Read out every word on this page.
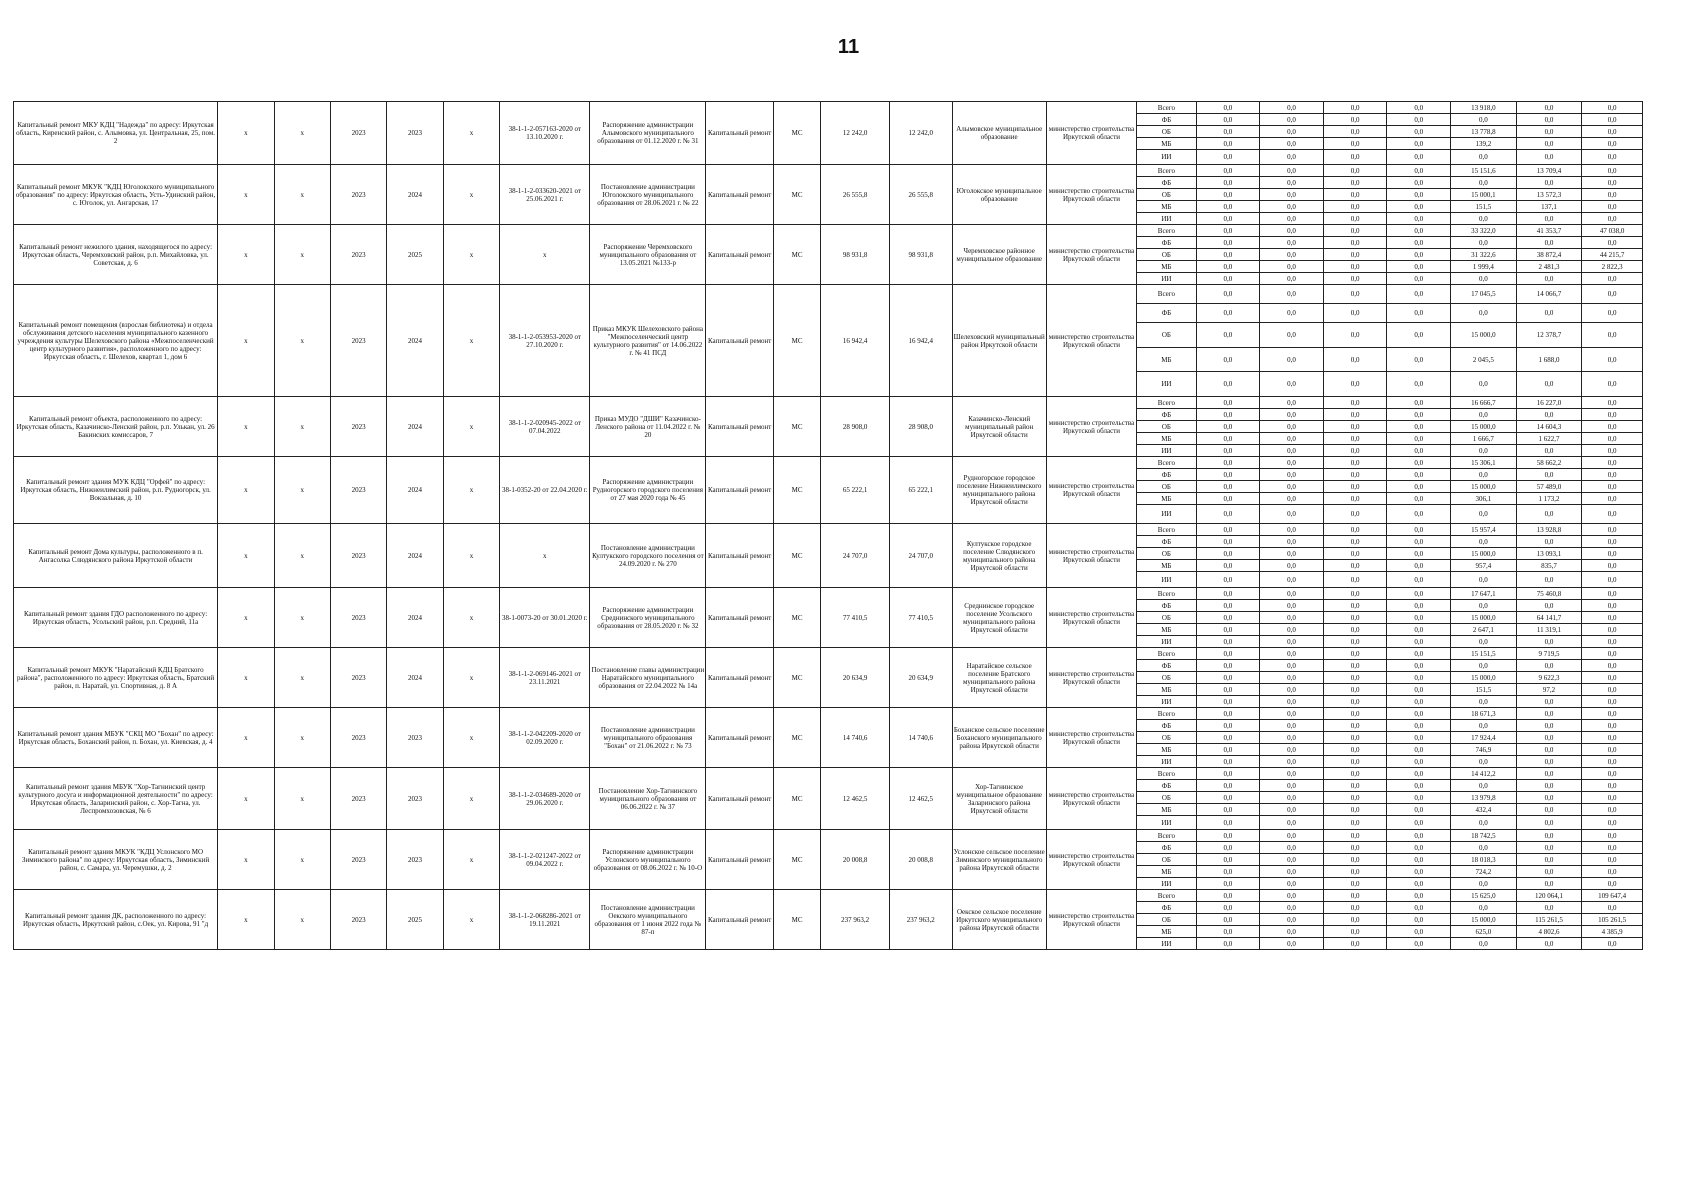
11
Капитальный ремонт МКУ КДЦ "Надежда" по адресу: Иркутская область, Киренский район, с. Алымовка, ул. Центральная, 25, пом. 2	х	х	2023	2023	х	38-1-1-2-057163-2020 от 13.10.2020 г.	Распоряжение администрации Алымовского муниципального образования от 01.12.2020 г. № 31	Капитальный ремонт	МС	12 242,0	12 242,0	Алымовское муниципальное образование	министерство строительства Иркутской области	Всего	0,0	0,0	0,0	0,0	13 918,0	0,0	0,0
														ФБ	0,0	0,0	0,0	0,0	0,0	0,0	0,0
														ОБ	0,0	0,0	0,0	0,0	13 778,8	0,0	0,0
														МБ	0,0	0,0	0,0	0,0	139,2	0,0	0,0
														ИИ	0,0	0,0	0,0	0,0	0,0	0,0	0,0
Капитальный ремонт МКУК "КДЦ Юголокского муниципального образования" по адресу: Иркутская область, Усть-Удинский район, с. Юголок, ул. Ангарская, 17	х	х	2023	2024	х	38-1-1-2-033620-2021 от 25.06.2021 г.	Постановление администрации Юголокского муниципального образования от 28.06.2021 г. № 22	Капитальный ремонт	МС	26 555,8	26 555,8	Юголокское муниципальное образование	министерство строительства Иркутской области	Всего	0,0	0,0	0,0	0,0	15 151,6	13 709,4	0,0
														ФБ	0,0	0,0	0,0	0,0	0,0	0,0	0,0
														ОБ	0,0	0,0	0,0	0,0	15 000,1	13 572,3	0,0
														МБ	0,0	0,0	0,0	0,0	151,5	137,1	0,0
														ИИ	0,0	0,0	0,0	0,0	0,0	0,0	0,0
Капитальный ремонт нежилого здания, находящегося по адресу: Иркутская область, Черемховский район, р.п. Михайловка, ул. Советская, д. 6	х	х	2023	2025	х	х	Распоряжение Черемховского муниципального образования от 13.05.2021 №133-р	Капитальный ремонт	МС	98 931,8	98 931,8	Черемховское районное муниципальное образование	министерство строительства Иркутской области	Всего	0,0	0,0	0,0	0,0	33 322,0	41 353,7	47 038,0
														ФБ	0,0	0,0	0,0	0,0	0,0	0,0	0,0
														ОБ	0,0	0,0	0,0	0,0	31 322,6	38 872,4	44 215,7
														МБ	0,0	0,0	0,0	0,0	1 999,4	2 481,3	2 822,3
														ИИ	0,0	0,0	0,0	0,0	0,0	0,0	0,0
Капитальный ремонт помещения (взрослая библиотека) и отдела обслуживания детского населения муниципального казенного учреждения культуры Шелеховского района «Межпоселенческий центр культурного развития», расположенного по адресу: Иркутская область, г. Шелехов, квартал 1, дом 6	х	х	2023	2024	х	38-1-1-2-053953-2020 от 27.10.2020 г.	Приказ МКУК Шелеховского района "Межпоселенческий центр культурного развития" от 14.06.2022 г. № 41 ПСД	Капитальный ремонт	МС	16 942,4	16 942,4	Шелеховский муниципальный район Иркутской области	министерство строительства Иркутской области	Всего	0,0	0,0	0,0	0,0	17 045,5	14 066,7	0,0
														ФБ	0,0	0,0	0,0	0,0	0,0	0,0	0,0
														ОБ	0,0	0,0	0,0	0,0	15 000,0	12 378,7	0,0
														МБ	0,0	0,0	0,0	0,0	2 045,5	1 688,0	0,0
														ИИ	0,0	0,0	0,0	0,0	0,0	0,0	0,0
Капитальный ремонт объекта, расположенного по адресу: Иркутская область, Казачинско-Ленский район, р.п. Улькан, ул. 26 Бакинских комиссаров, 7	х	х	2023	2024	х	38-1-1-2-020945-2022 от 07.04.2022	Приказ МУДО "ДШИ" Казачинско-Ленского района от 11.04.2022 г. № 20	Капитальный ремонт	МС	28 908,0	28 908,0	Казачинско-Ленский муниципальный район Иркутской области	министерство строительства Иркутской области	Всего	0,0	0,0	0,0	0,0	16 666,7	16 227,0	0,0
														ФБ	0,0	0,0	0,0	0,0	0,0	0,0	0,0
														ОБ	0,0	0,0	0,0	0,0	15 000,0	14 604,3	0,0
														МБ	0,0	0,0	0,0	0,0	1 666,7	1 622,7	0,0
														ИИ	0,0	0,0	0,0	0,0	0,0	0,0	0,0
Капитальный ремонт здания МУК КДЦ "Орфей" по адресу: Иркутская область, Нижнеилимский район, р.п. Рудногорск, ул. Вокзальная, д. 10	х	х	2023	2024	х	38-1-0352-20 от 22.04.2020 г.	Распоряжение администрации Рудногорского городского поселения от 27 мая 2020 года № 45	Капитальный ремонт	МС	65 222,1	65 222,1	Рудногорское городское поселение Нижнеилимского муниципального района Иркутской области	министерство строительства Иркутской области	Всего	0,0	0,0	0,0	0,0	15 306,1	58 662,2	0,0
														ФБ	0,0	0,0	0,0	0,0	0,0	0,0	0,0
														ОБ	0,0	0,0	0,0	0,0	15 000,0	57 489,0	0,0
														МБ	0,0	0,0	0,0	0,0	306,1	1 173,2	0,0
														ИИ	0,0	0,0	0,0	0,0	0,0	0,0	0,0
Капитальный ремонт Дома культуры, расположенного в п. Ангасолка Слюдянского района Иркутской области	х	х	2023	2024	х	х	Постановление администрации Култукского городского поселения от 24.09.2020 г. № 270	Капитальный ремонт	МС	24 707,0	24 707,0	Култукское городское поселение Слюдянского муниципального района Иркутской области	министерство строительства Иркутской области	Всего	0,0	0,0	0,0	0,0	15 957,4	13 928,8	0,0
														ФБ	0,0	0,0	0,0	0,0	0,0	0,0	0,0
														ОБ	0,0	0,0	0,0	0,0	15 000,0	13 093,1	0,0
														МБ	0,0	0,0	0,0	0,0	957,4	835,7	0,0
														ИИ	0,0	0,0	0,0	0,0	0,0	0,0	0,0
Капитальный ремонт здания ГДО расположенного по адресу: Иркутская область, Усольский район, р.п. Средний, 11а	х	х	2023	2024	х	38-1-0073-20 от 30.01.2020 г.	Распоряжение администрации Среднинского муниципального образования от 28.05.2020 г. № 32	Капитальный ремонт	МС	77 410,5	77 410,5	Среднинское городское поселение Усольского муниципального района Иркутской области	министерство строительства Иркутской области	Всего	0,0	0,0	0,0	0,0	17 647,1	75 460,8	0,0
														ФБ	0,0	0,0	0,0	0,0	0,0	0,0	0,0
														ОБ	0,0	0,0	0,0	0,0	15 000,0	64 141,7	0,0
														МБ	0,0	0,0	0,0	0,0	2 647,1	11 319,1	0,0
														ИИ	0,0	0,0	0,0	0,0	0,0	0,0	0,0
Капитальный ремонт МКУК "Наратайский КДЦ Братского района", расположенного по адресу: Иркутская область, Братский район, п. Наратай, ул. Спортивная, д. 8 А	х	х	2023	2024	х	38-1-1-2-069146-2021 от 23.11.2021	Постановление главы администрации Наратайского муниципального образования от 22.04.2022 № 14а	Капитальный ремонт	МС	20 634,9	20 634,9	Наратайское сельское поселение Братского муниципального района Иркутской области	министерство строительства Иркутской области	Всего	0,0	0,0	0,0	0,0	15 151,5	9 719,5	0,0
														ФБ	0,0	0,0	0,0	0,0	0,0	0,0	0,0
														ОБ	0,0	0,0	0,0	0,0	15 000,0	9 622,3	0,0
														МБ	0,0	0,0	0,0	0,0	151,5	97,2	0,0
														ИИ	0,0	0,0	0,0	0,0	0,0	0,0	0,0
Капитальный ремонт здания МБУК "СКЦ МО "Бохан" по адресу: Иркутская область, Боханский район, п. Бохан, ул. Киевская, д. 4	х	х	2023	2023	х	38-1-1-2-042209-2020 от 02.09.2020 г.	Постановление администрации муниципального образования "Бохан" от 21.06.2022 г. № 73	Капитальный ремонт	МС	14 740,6	14 740,6	Боханское сельское поселение Боханского муниципального района Иркутской области	министерство строительства Иркутской области	Всего	0,0	0,0	0,0	0,0	18 671,3	0,0	0,0
														ФБ	0,0	0,0	0,0	0,0	0,0	0,0	0,0
														ОБ	0,0	0,0	0,0	0,0	17 924,4	0,0	0,0
														МБ	0,0	0,0	0,0	0,0	746,9	0,0	0,0
														ИИ	0,0	0,0	0,0	0,0	0,0	0,0	0,0
Капитальный ремонт здания МБУК "Хор-Тагнинский центр культурного досуга и информационной деятельности" по адресу: Иркутская область, Заларинский район, с. Хор-Тагна, ул. Леспромхозовская, № 6	х	х	2023	2023	х	38-1-1-2-034689-2020 от 29.06.2020 г.	Постановление Хор-Тагнинского муниципального образования от 06.06.2022 г. № 37	Капитальный ремонт	МС	12 462,5	12 462,5	Хор-Тагнинское муниципальное образование Заларинского района Иркутской области	министерство строительства Иркутской области	Всего	0,0	0,0	0,0	0,0	14 412,2	0,0	0,0
														ФБ	0,0	0,0	0,0	0,0	0,0	0,0	0,0
														ОБ	0,0	0,0	0,0	0,0	13 979,8	0,0	0,0
														МБ	0,0	0,0	0,0	0,0	432,4	0,0	0,0
														ИИ	0,0	0,0	0,0	0,0	0,0	0,0	0,0
Капитальный ремонт здания МКУК "КДЦ Услонского МО Зиминского района" по адресу: Иркутская область, Зиминский район, с. Самара, ул. Черемушки, д. 2	х	х	2023	2023	х	38-1-1-2-021247-2022 от 09.04.2022 г.	Распоряжение администрации Услонского муниципального образования от 08.06.2022 г. № 10-О	Капитальный ремонт	МС	20 008,8	20 008,8	Услонское сельское поселение Зиминского муниципального района Иркутской области	министерство строительства Иркутской области	Всего	0,0	0,0	0,0	0,0	18 742,5	0,0	0,0
														ФБ	0,0	0,0	0,0	0,0	0,0	0,0	0,0
														ОБ	0,0	0,0	0,0	0,0	18 018,3	0,0	0,0
														МБ	0,0	0,0	0,0	0,0	724,2	0,0	0,0
														ИИ	0,0	0,0	0,0	0,0	0,0	0,0	0,0
Капитальный ремонт здания ДК, расположенного по адресу: Иркутская область, Иркутский район, с.Оек, ул. Кирова, 91 "д	х	х	2023	2025	х	38-1-1-2-068286-2021 от 19.11.2021	Постановление администрации Оекского муниципального образования от 1 июня 2022 года № 87-п	Капитальный ремонт	МС	237 963,2	237 963,2	Оекское сельское поселение Иркутского муниципального района Иркутской области	министерство строительства Иркутской области	Всего	0,0	0,0	0,0	0,0	15 625,0	120 064,1	109 647,4
														ФБ	0,0	0,0	0,0	0,0	0,0	0,0	0,0
														ОБ	0,0	0,0	0,0	0,0	15 000,0	115 261,5	105 261,5
														МБ	0,0	0,0	0,0	0,0	625,0	4 802,6	4 385,9
														ИИ	0,0	0,0	0,0	0,0	0,0	0,0	0,0
